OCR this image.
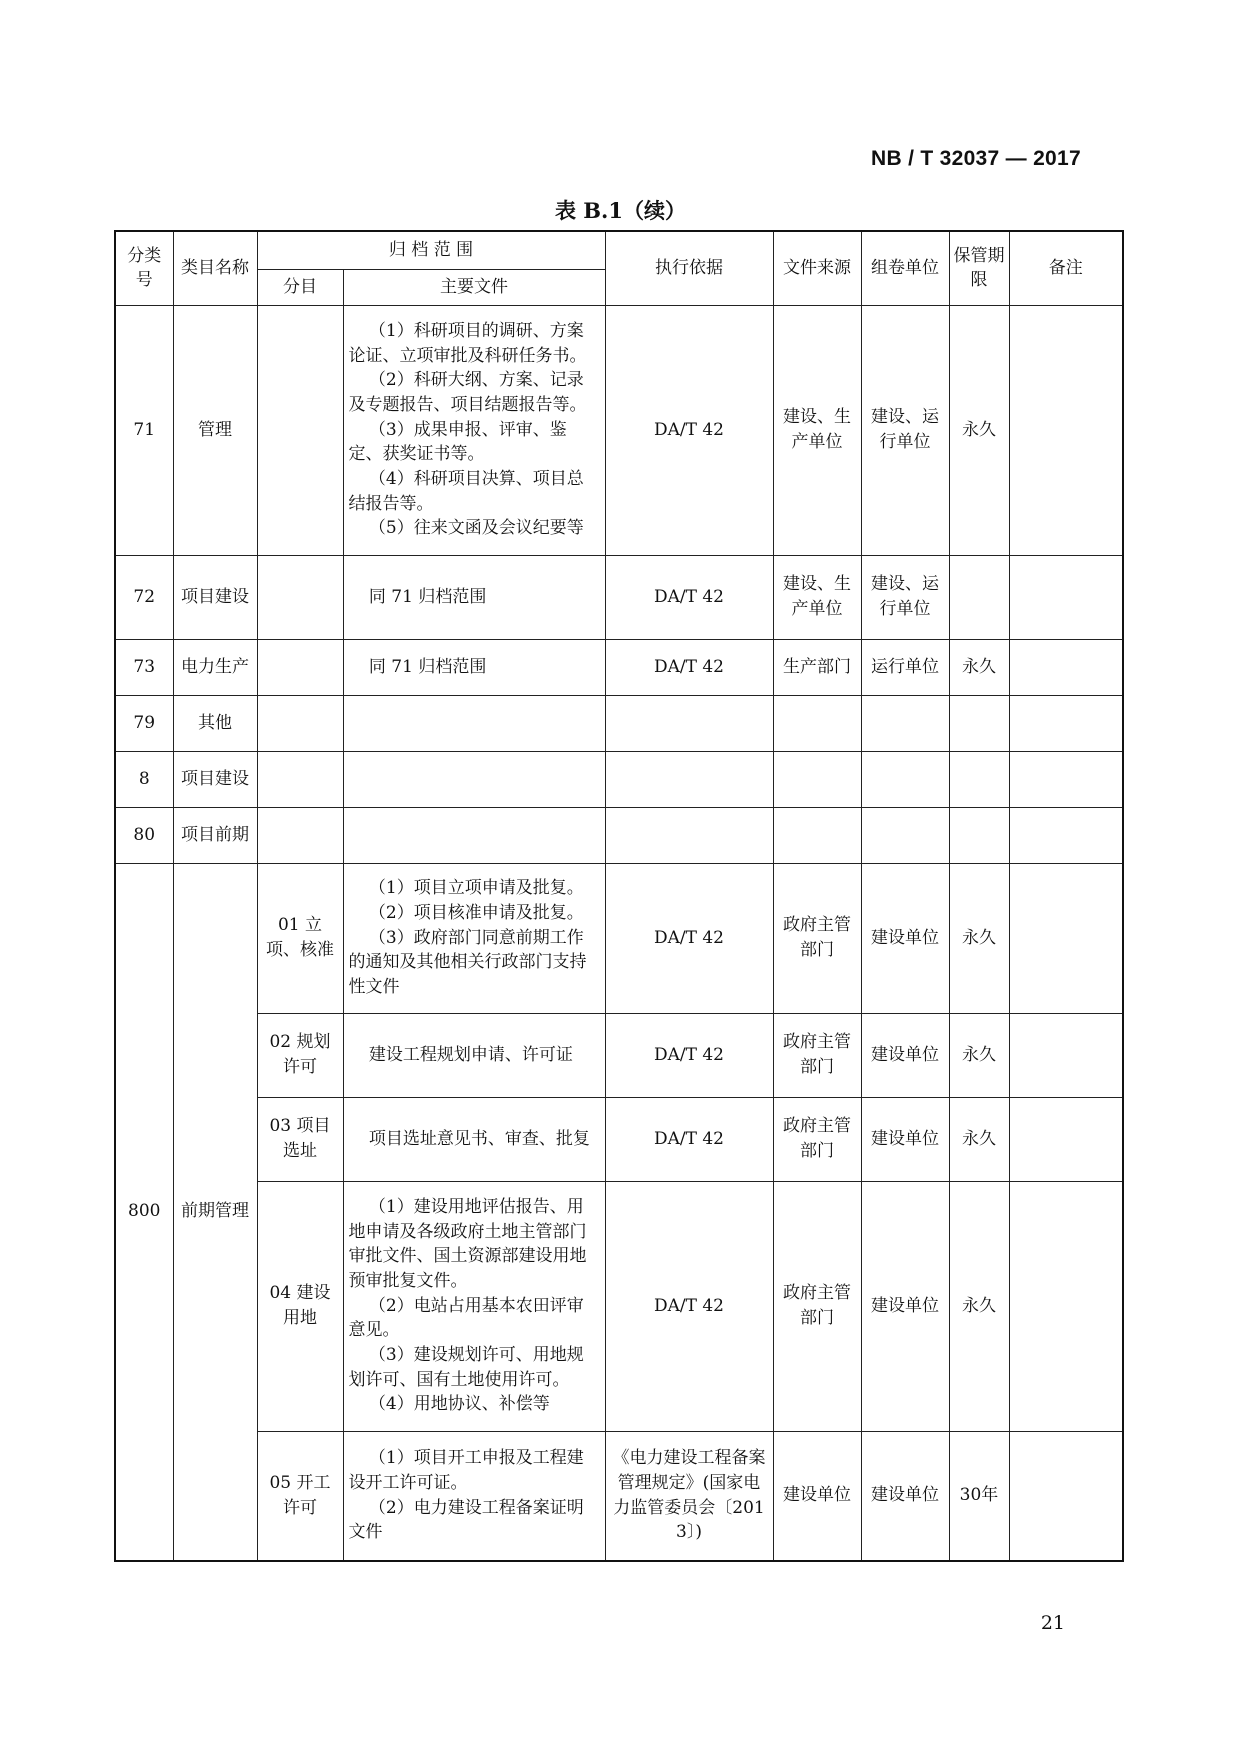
NB / T 32037 — 2017
表 B.1（续）
分类号	类目名称	归 档 范 围		执行依据	文件来源	组卷单位	保管期限	备注
		分目	主要文件					
71	管理		（1）科研项目的调研、方案论证、立项审批及科研任务书。
（2）科研大纲、方案、记录及专题报告、项目结题报告等。
（3）成果申报、评审、鉴定、获奖证书等。
（4）科研项目决算、项目总结报告等。
（5）往来文函及会议纪要等	DA/T 42	建设、生产单位	建设、运行单位	永久	
72	项目建设		同 71 归档范围	DA/T 42	建设、生产单位	建设、运行单位		
73	电力生产		同 71 归档范围	DA/T 42	生产部门	运行单位	永久	
79	其他							
8	项目建设							
80	项目前期							
800	前期管理	01 立项、核准	（1）项目立项申请及批复。
（2）项目核准申请及批复。
（3）政府部门同意前期工作的通知及其他相关行政部门支持性文件	DA/T 42	政府主管部门	建设单位	永久	
		02 规划许可	建设工程规划申请、许可证	DA/T 42	政府主管部门	建设单位	永久	
		03 项目选址	项目选址意见书、审查、批复	DA/T 42	政府主管部门	建设单位	永久	
		04 建设用地	（1）建设用地评估报告、用地申请及各级政府土地主管部门审批文件、国土资源部建设用地预审批复文件。
（2）电站占用基本农田评审意见。
（3）建设规划许可、用地规划许可、国有土地使用许可。
（4）用地协议、补偿等	DA/T 42	政府主管部门	建设单位	永久	
		05 开工许可	（1）项目开工申报及工程建设开工许可证。
（2）电力建设工程备案证明文件	《电力建设工程备案管理规定》(国家电力监管委员会〔2013〕)	建设单位	建设单位	30年	
21
